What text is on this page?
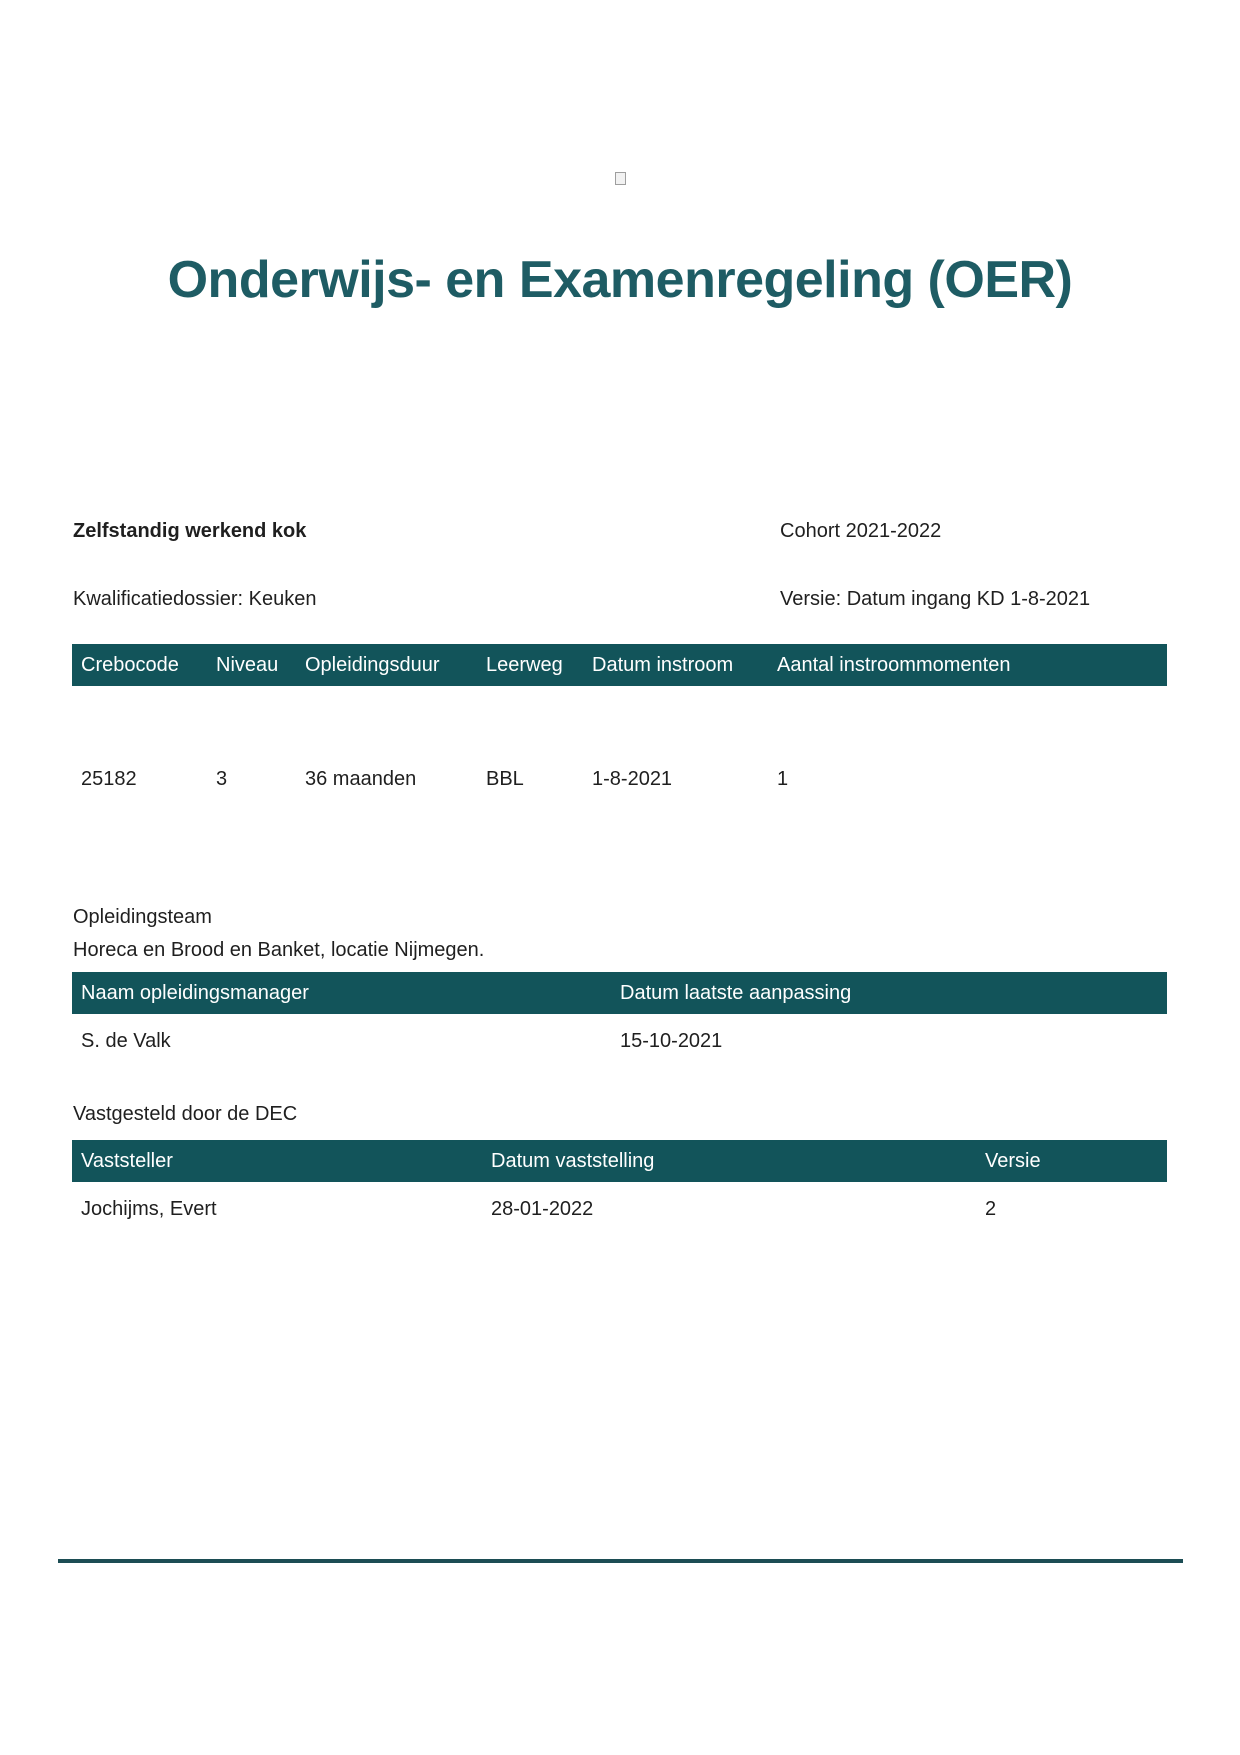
Onderwijs- en Examenregeling (OER)
Zelfstandig werkend kok	Cohort 2021-2022
Kwalificatiedossier: Keuken	Versie: Datum ingang KD 1-8-2021
Crebocode	Niveau	Opleidingsduur	Leerweg	Datum instroom	Aantal instroommomenten
25182	3	36 maanden	BBL	1-8-2021	1
Opleidingsteam
Horeca en Brood en Banket, locatie Nijmegen.
Naam opleidingsmanager	Datum laatste aanpassing
S. de Valk	15-10-2021
Vastgesteld door de DEC
Vaststeller	Datum vaststelling	Versie
Jochijms, Evert	28-01-2022	2
